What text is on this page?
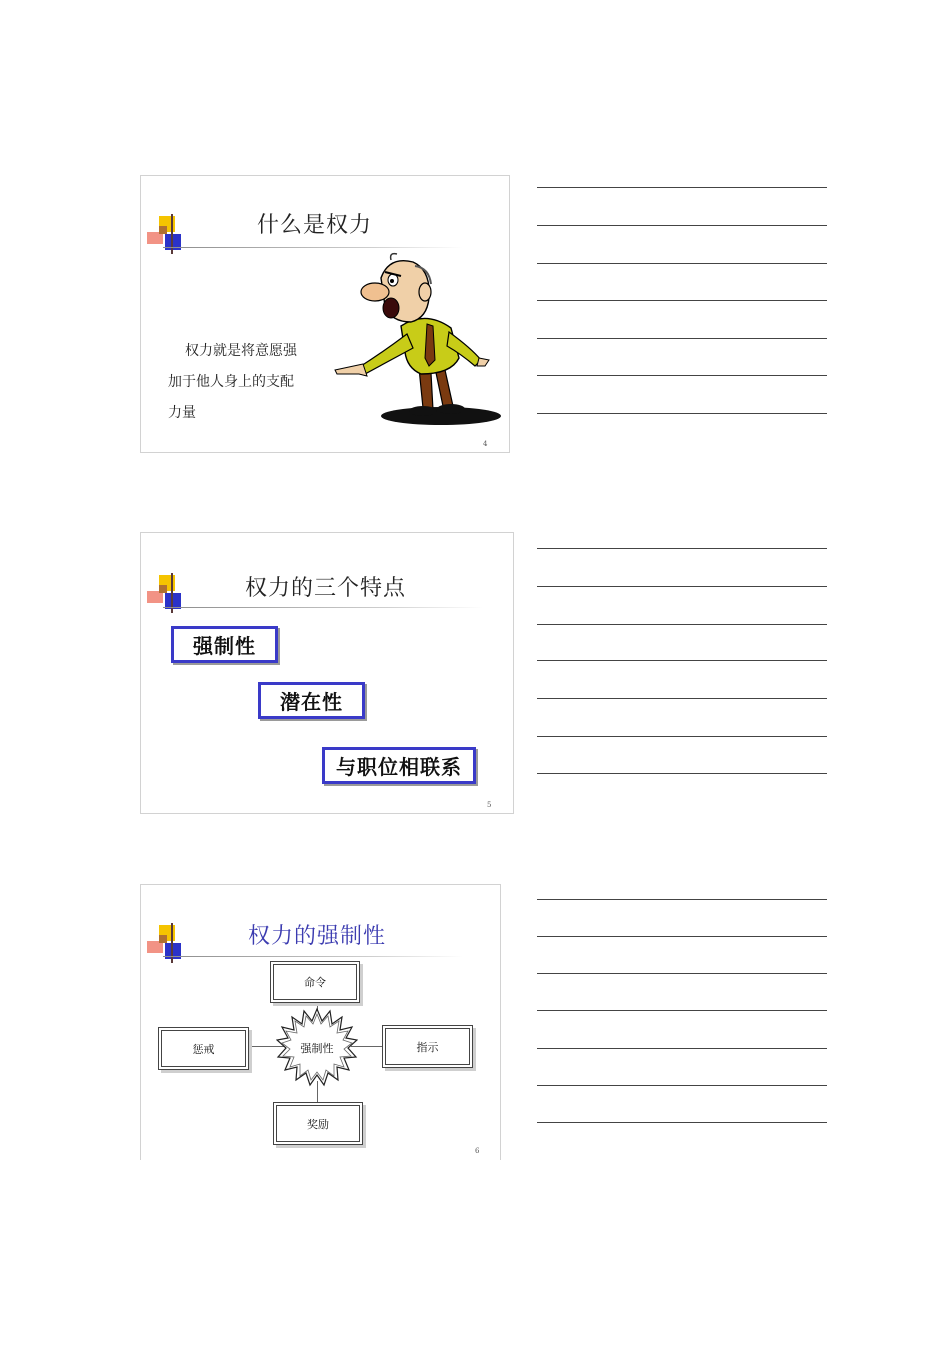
什么是权力
权力就是将意愿强
加于他人身上的支配
力量
4
权力的三个特点
强制性
潜在性
与职位相联系
5
权力的强制性
命令
惩戒	指示
奖励
强制性
6
